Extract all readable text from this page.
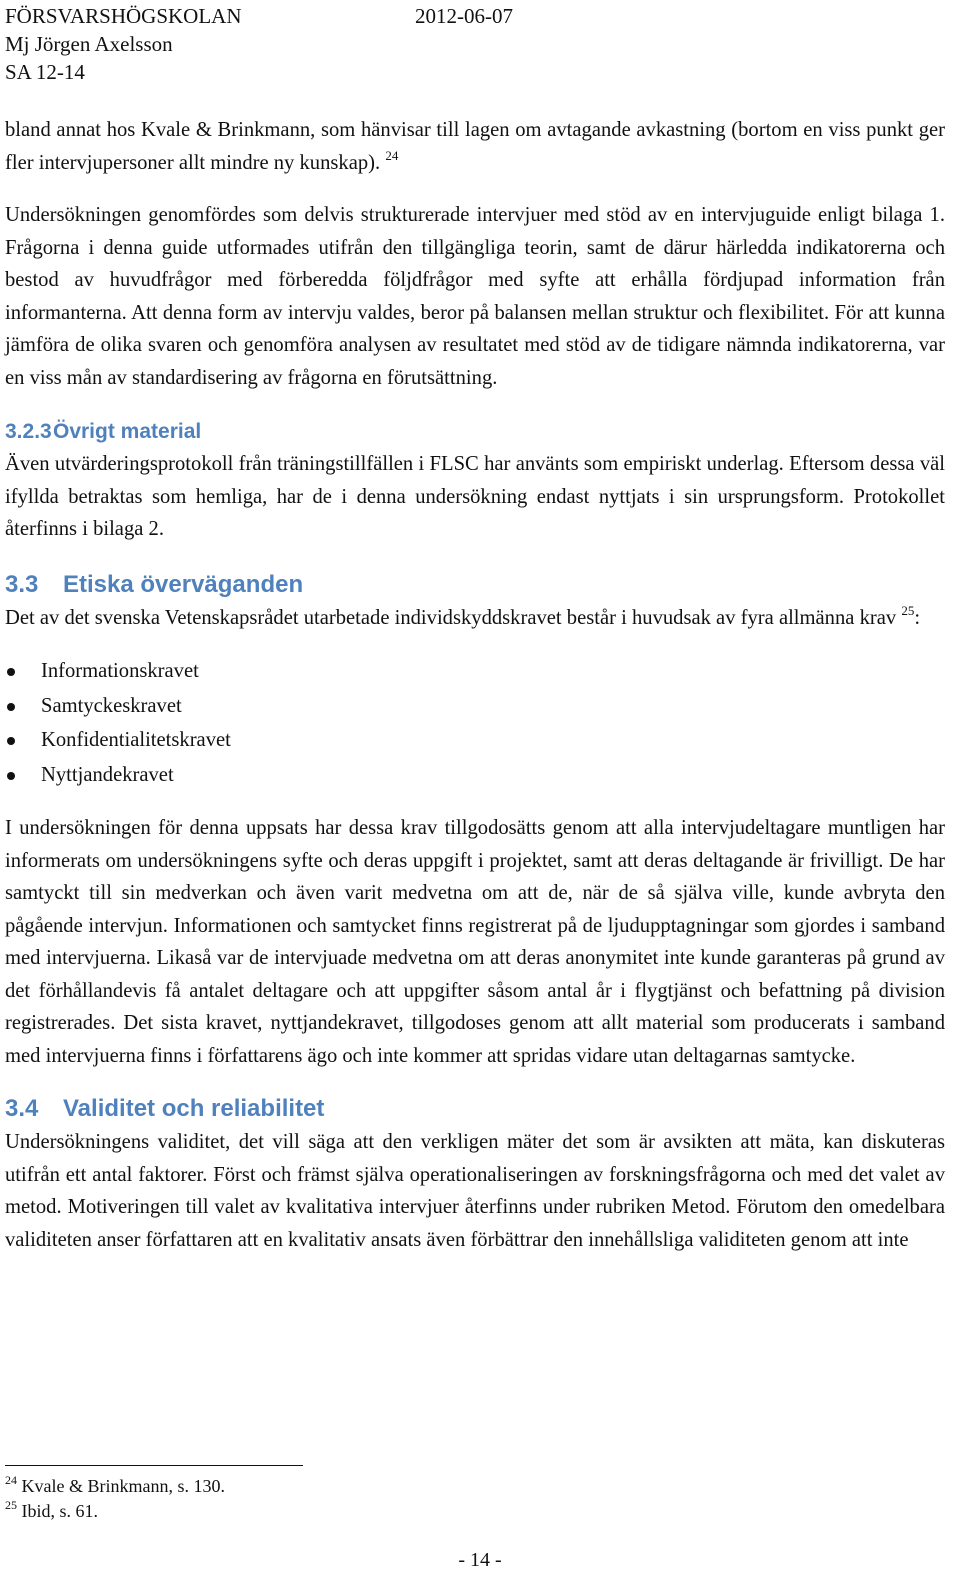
FÖRSVARSHÖGSKOLAN	2012-06-07
Mj Jörgen Axelsson
SA 12-14

bland annat hos Kvale & Brinkmann, som hänvisar till lagen om avtagande avkastning (bortom en viss punkt ger fler intervjupersoner allt mindre ny kunskap). $^{24}$

Undersökningen genomfördes som delvis strukturerade intervjuer med stöd av en intervjuguide enligt bilaga 1. Frågorna i denna guide utformades utifrån den tillgängliga teorin, samt de därur härledda indikatorerna och bestod av huvudfrågor med förberedda följdfrågor med syfte att erhålla fördjupad information från informanterna. Att denna form av intervju valdes, beror på balansen mellan struktur och flexibilitet. För att kunna jämföra de olika svaren och genomföra analysen av resultatet med stöd av de tidigare nämnda indikatorerna, var en viss mån av standardisering av frågorna en förutsättning.

3.2.3Övrigt material

Även utvärderingsprotokoll från träningstillfällen i FLSC har använts som empiriskt underlag. Eftersom dessa väl ifyllda betraktas som hemliga, har de i denna undersökning endast nyttjats i sin ursprungsform. Protokollet återfinns i bilaga 2.

3.3 Etiska överväganden

Det av det svenska Vetenskapsrådet utarbetade individskyddskravet består i huvudsak av fyra allmänna krav $^{25}$:

Informationskravet
Samtyckeskravet
Konfidentialitetskravet
Nyttjandekravet

I undersökningen för denna uppsats har dessa krav tillgodosätts genom att alla intervjudeltagare muntligen har informerats om undersökningens syfte och deras uppgift i projektet, samt att deras deltagande är frivilligt. De har samtyckt till sin medverkan och även varit medvetna om att de, när de så själva ville, kunde avbryta den pågående intervjun. Informationen och samtycket finns registrerat på de ljudupptagningar som gjordes i samband med intervjuerna. Likaså var de intervjuade medvetna om att deras anonymitet inte kunde garanteras på grund av det förhållandevis få antalet deltagare och att uppgifter såsom antal år i flygtjänst och befattning på division registrerades. Det sista kravet, nyttjandekravet, tillgodoses genom att allt material som producerats i samband med intervjuerna finns i författarens ägo och inte kommer att spridas vidare utan deltagarnas samtycke.

3.4 Validitet och reliabilitet

Undersökningens validitet, det vill säga att den verkligen mäter det som är avsikten att mäta, kan diskuteras utifrån ett antal faktorer. Först och främst själva operationaliseringen av forskningsfrågorna och med det valet av metod. Motiveringen till valet av kvalitativa intervjuer återfinns under rubriken Metod. Förutom den omedelbara validiteten anser författaren att en kvalitativ ansats även förbättrar den innehållsliga validiteten genom att inte

$^{24}$ Kvale & Brinkmann, s. 130.
$^{25}$ Ibid, s. 61.
- 14 -
